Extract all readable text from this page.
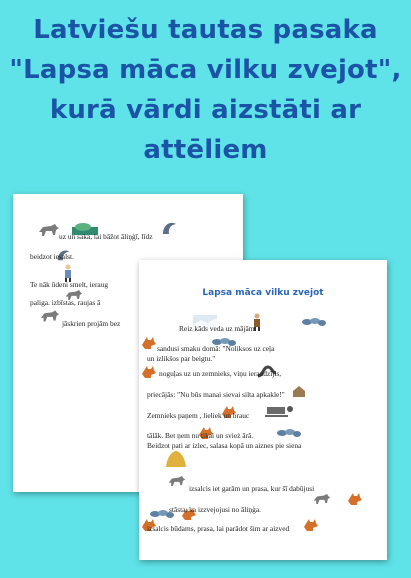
Latviešu tautas pasaka
"Lapsa māca vilku zvejot",
kurā vārdi aizstāti ar
attēliem
uz un saka, lai bāžot āliņģī, līdz
beidzot iesalst.
Te nāk ūdeni smelt, ieraug
paliga. izbīstas, raujas ā
jāskrien projām bez
Lapsa māca vilku zvejot
Reiz kāds veda uz mājām
sandusi smaku domā: "Noliksos uz ceļa
un izlikšos par beigtu."
noguļas uz un zemnieks, viņu ieraudzījis,
priecājās: "Nu būs manai sievai silta apkakle!"
Zemnieks paņem , lieliek un brauc
tālāk. Bet ņem nu tikai un svież ārā.
Beidzot pati ar izlec, salasa kopā un aiznes pie siena
izsalcis iet garām un prasa, kur šī dabūjusi
stāsta, ka izzvejojusi no āliņģa.
izsalcis būdams, prasa, lai parādot šim ar aizved
